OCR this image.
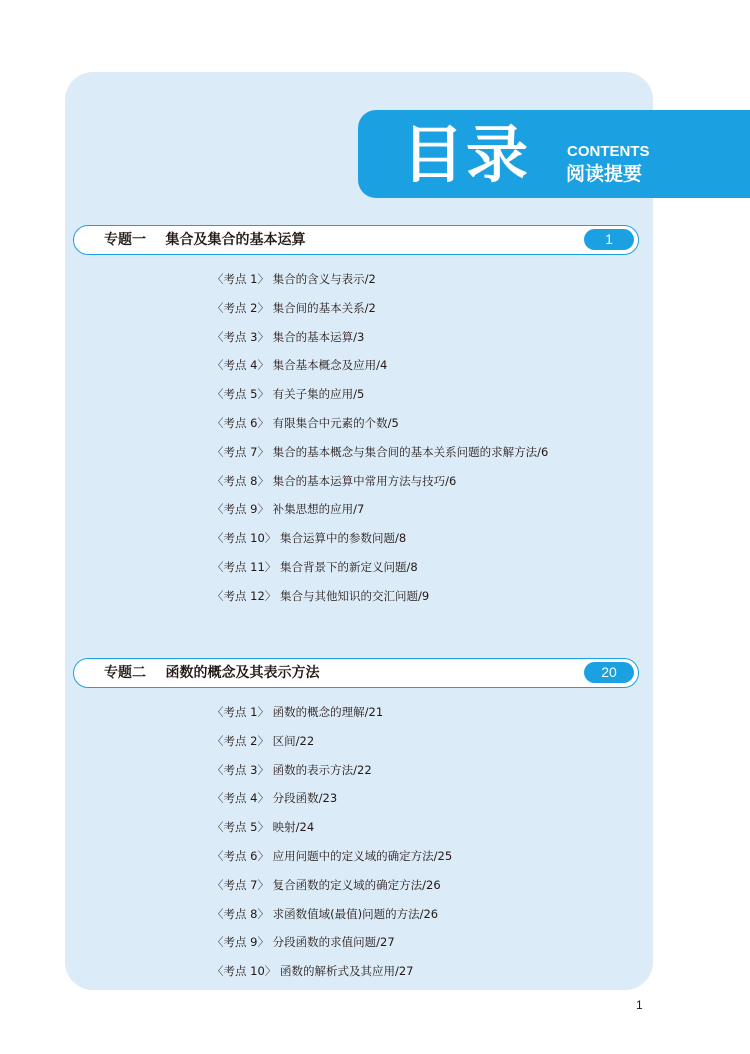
目录 CONTENTS
阅读提要
专题一    集合及集合的基本运算	1
〈考点 1〉 集合的含义与表示/2
〈考点 2〉 集合间的基本关系/2
〈考点 3〉 集合的基本运算/3
〈考点 4〉 集合基本概念及应用/4
〈考点 5〉 有关子集的应用/5
〈考点 6〉 有限集合中元素的个数/5
〈考点 7〉 集合的基本概念与集合间的基本关系问题的求解方法/6
〈考点 8〉 集合的基本运算中常用方法与技巧/6
〈考点 9〉 补集思想的应用/7
〈考点 10〉 集合运算中的参数问题/8
〈考点 11〉 集合背景下的新定义问题/8
〈考点 12〉 集合与其他知识的交汇问题/9
专题二    函数的概念及其表示方法	20
〈考点 1〉 函数的概念的理解/21
〈考点 2〉 区间/22
〈考点 3〉 函数的表示方法/22
〈考点 4〉 分段函数/23
〈考点 5〉 映射/24
〈考点 6〉 应用问题中的定义域的确定方法/25
〈考点 7〉 复合函数的定义域的确定方法/26
〈考点 8〉 求函数值域(最值)问题的方法/26
〈考点 9〉 分段函数的求值问题/27
〈考点 10〉 函数的解析式及其应用/27
1
